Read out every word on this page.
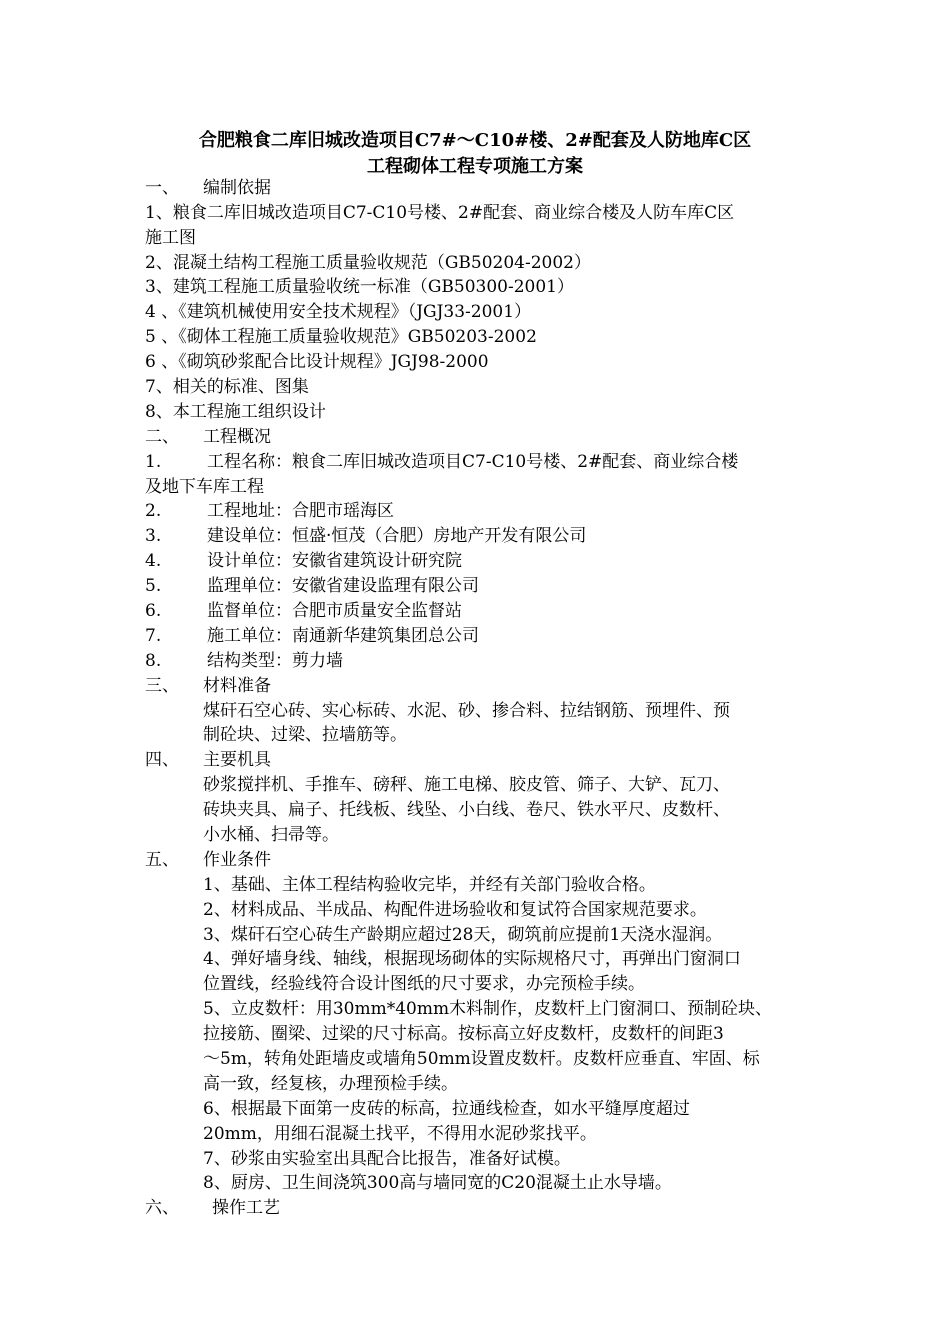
合肥粮食二库旧城改造项目C7#～C10#楼、2#配套及人防地库C区
工程砌体工程专项施工方案
一、 编制依据
1、粮食二库旧城改造项目C7-C10号楼、2#配套、商业综合楼及人防车库C区
施工图
2、混凝土结构工程施工质量验收规范（GB50204-2002）
3、建筑工程施工质量验收统一标准（GB50300-2001）
4 、《建筑机械使用安全技术规程》（JGJ33-2001）
5 、《砌体工程施工质量验收规范》GB50203-2002
6 、《砌筑砂浆配合比设计规程》JGJ98-2000
7、相关的标准、图集
8、本工程施工组织设计
二、 工程概况
1.	工程名称：粮食二库旧城改造项目C7-C10号楼、2#配套、商业综合楼
及地下车库工程
2.	工程地址：合肥市瑶海区
3.	建设单位：恒盛·恒茂（合肥）房地产开发有限公司
4.	设计单位：安徽省建筑设计研究院
5.	监理单位：安徽省建设监理有限公司
6.	监督单位：合肥市质量安全监督站
7.	施工单位：南通新华建筑集团总公司
8.	结构类型：剪力墙
三、 材料准备
煤矸石空心砖、实心标砖、水泥、砂、掺合料、拉结钢筋、预埋件、预
制砼块、过梁、拉墙筋等。
四、 主要机具
砂浆搅拌机、手推车、磅秤、施工电梯、胶皮管、筛子、大铲、瓦刀、
砖块夹具、扁子、托线板、线坠、小白线、卷尺、铁水平尺、皮数杆、
小水桶、扫帚等。
五、 作业条件
1、基础、主体工程结构验收完毕，并经有关部门验收合格。
2、材料成品、半成品、构配件进场验收和复试符合国家规范要求。
3、煤矸石空心砖生产龄期应超过28天，砌筑前应提前1天浇水湿润。
4、弹好墙身线、轴线，根据现场砌体的实际规格尺寸，再弹出门窗洞口
位置线，经验线符合设计图纸的尺寸要求，办完预检手续。
5、立皮数杆：用30mm*40mm木料制作，皮数杆上门窗洞口、预制砼块、
拉接筋、圈梁、过梁的尺寸标高。按标高立好皮数杆，皮数杆的间距3
～5m，转角处距墙皮或墙角50mm设置皮数杆。皮数杆应垂直、牢固、标
高一致，经复核，办理预检手续。
6、根据最下面第一皮砖的标高，拉通线检查，如水平缝厚度超过
20mm，用细石混凝土找平，不得用水泥砂浆找平。
7、砂浆由实验室出具配合比报告，准备好试模。
8、厨房、卫生间浇筑300高与墙同宽的C20混凝土止水导墙。
六、 操作工艺
